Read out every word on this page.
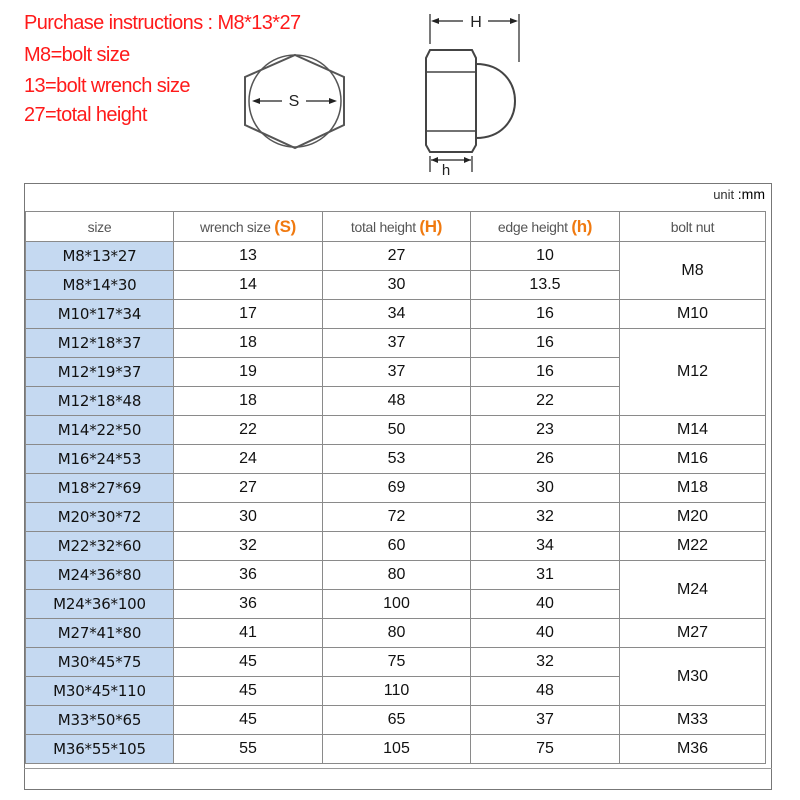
Purchase instructions : M8*13*27
M8=bolt size
13=bolt wrench size
27=total height
S
H
h
unit :mm
size	wrench size (S)	total height (H)	edge height (h)	bolt nut
M8*13*27	13	27	10	M8
M8*14*30	14	30	13.5	
M10*17*34	17	34	16	M10
M12*18*37	18	37	16	M12
M12*19*37	19	37	16	
M12*18*48	18	48	22	
M14*22*50	22	50	23	M14
M16*24*53	24	53	26	M16
M18*27*69	27	69	30	M18
M20*30*72	30	72	32	M20
M22*32*60	32	60	34	M22
M24*36*80	36	80	31	M24
M24*36*100	36	100	40	
M27*41*80	41	80	40	M27
M30*45*75	45	75	32	M30
M30*45*110	45	110	48	
M33*50*65	45	65	37	M33
M36*55*105	55	105	75	M36
